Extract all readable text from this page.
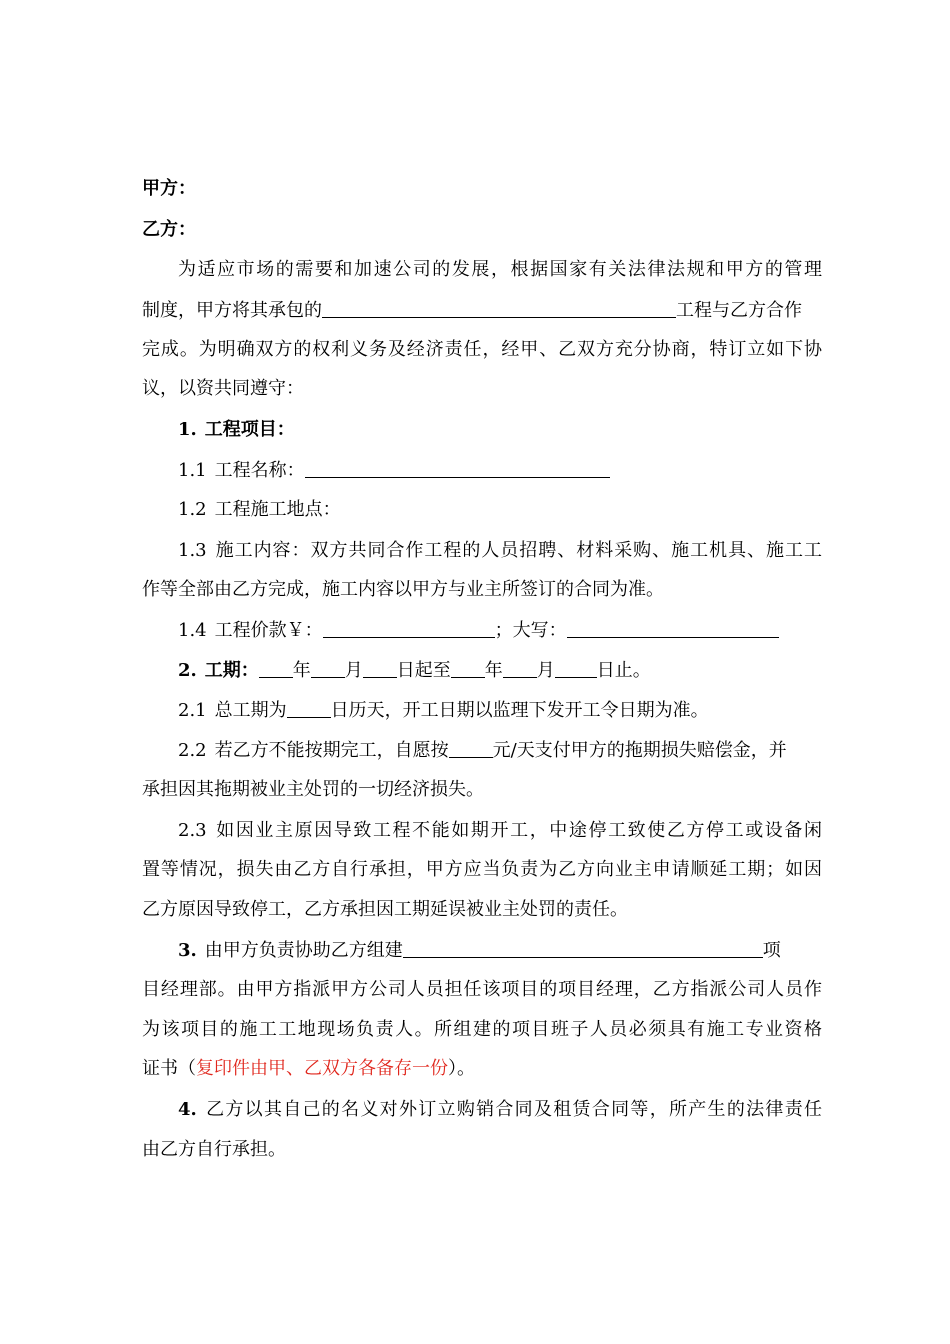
甲方：
乙方：
为适应市场的需要和加速公司的发展，根据国家有关法律法规和甲方的管理
制度，甲方将其承包的	工程与乙方合作
完成。为明确双方的权利义务及经济责任，经甲、乙双方充分协商，特订立如下协
议，以资共同遵守：
1. 工程项目：
1.1 工程名称：
1.2 工程施工地点：
1.3 施工内容：双方共同合作工程的人员招聘、材料采购、施工机具、施工工
作等全部由乙方完成，施工内容以甲方与业主所签订的合同为准。
1.4 工程价款￥：	；大写：
2. 工期： 年 月 日起至 年 月 日止。
2.1 总工期为 日历天，开工日期以监理下发开工令日期为准。
2.2 若乙方不能按期完工，自愿按 元/天支付甲方的拖期损失赔偿金，并
承担因其拖期被业主处罚的一切经济损失。
2.3 如因业主原因导致工程不能如期开工，中途停工致使乙方停工或设备闲
置等情况，损失由乙方自行承担，甲方应当负责为乙方向业主申请顺延工期；如因
乙方原因导致停工，乙方承担因工期延误被业主处罚的责任。
3. 由甲方负责协助乙方组建	项
目经理部。由甲方指派甲方公司人员担任该项目的项目经理，乙方指派公司人员作
为该项目的施工工地现场负责人。所组建的项目班子人员必须具有施工专业资格
证书（复印件由甲、乙双方各备存一份）。
4. 乙方以其自己的名义对外订立购销合同及租赁合同等，所产生的法律责任
由乙方自行承担。
